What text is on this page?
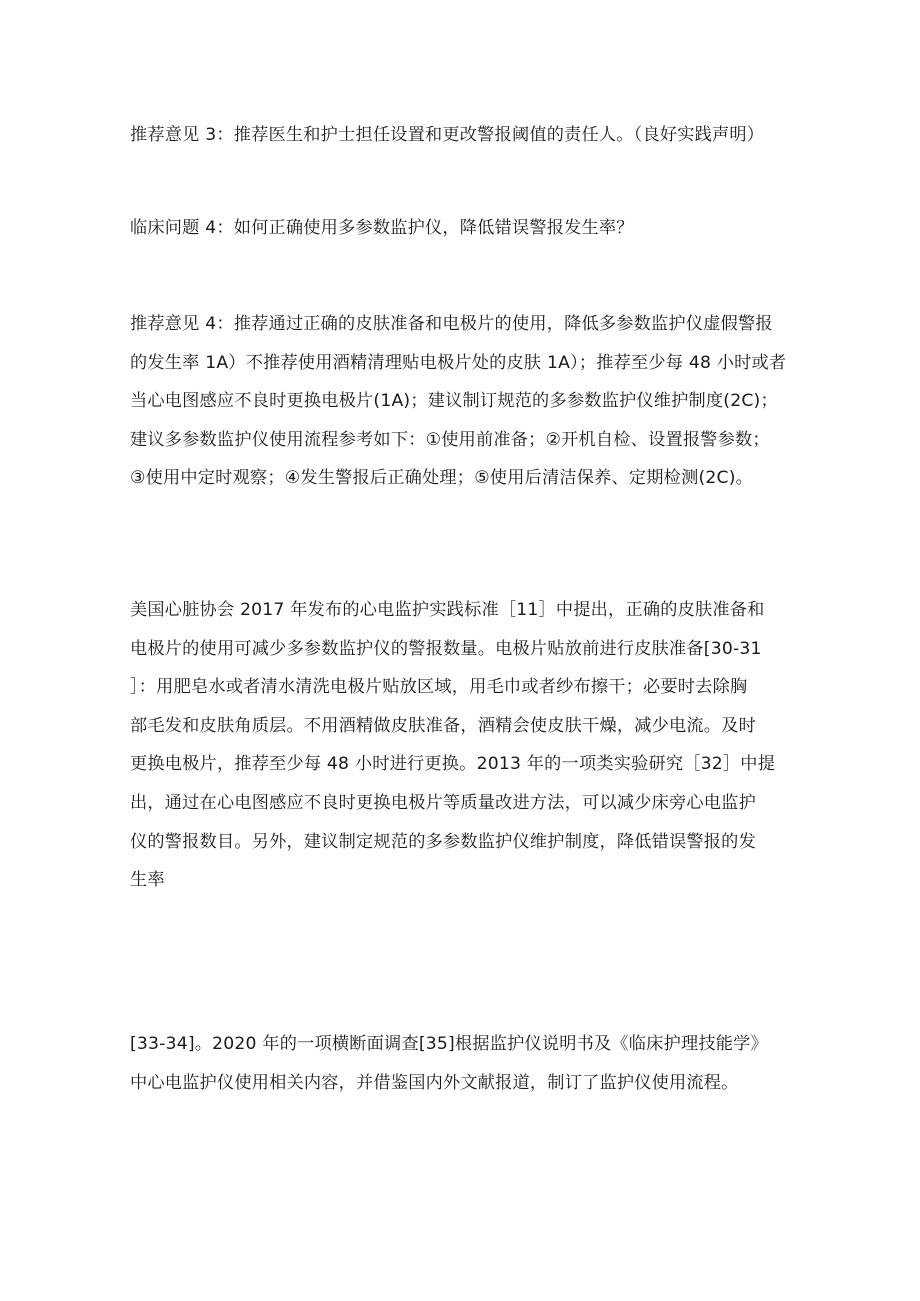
推荐意见 3：推荐医生和护士担任设置和更改警报阈值的责任人。（良好实践声明）

临床问题 4：如何正确使用多参数监护仪，降低错误警报发生率？

推荐意见 4：推荐通过正确的皮肤准备和电极片的使用，降低多参数监护仪虚假警报
的发生率 1A）不推荐使用酒精清理贴电极片处的皮肤 1A）；推荐至少每 48 小时或者
当心电图感应不良时更换电极片(1A)；建议制订规范的多参数监护仪维护制度(2C)；
建议多参数监护仪使用流程参考如下：①使用前准备；②开机自检、设置报警参数；
③使用中定时观察；④发生警报后正确处理；⑤使用后清洁保养、定期检测(2C)。

美国心脏协会 2017 年发布的心电监护实践标准［11］中提出，正确的皮肤准备和
电极片的使用可减少多参数监护仪的警报数量。电极片贴放前进行皮肤准备[30-31
］：用肥皂水或者清水清洗电极片贴放区域，用毛巾或者纱布擦干；必要时去除胸
部毛发和皮肤角质层。不用酒精做皮肤准备，酒精会使皮肤干燥，减少电流。及时
更换电极片，推荐至少每 48 小时进行更换。2013 年的一项类实验研究［32］中提
出，通过在心电图感应不良时更换电极片等质量改进方法，可以减少床旁心电监护
仪的警报数目。另外，建议制定规范的多参数监护仪维护制度，降低错误警报的发
生率

[33-34]。2020 年的一项横断面调查[35]根据监护仪说明书及《临床护理技能学》
中心电监护仪使用相关内容，并借鉴国内外文献报道，制订了监护仪使用流程。
